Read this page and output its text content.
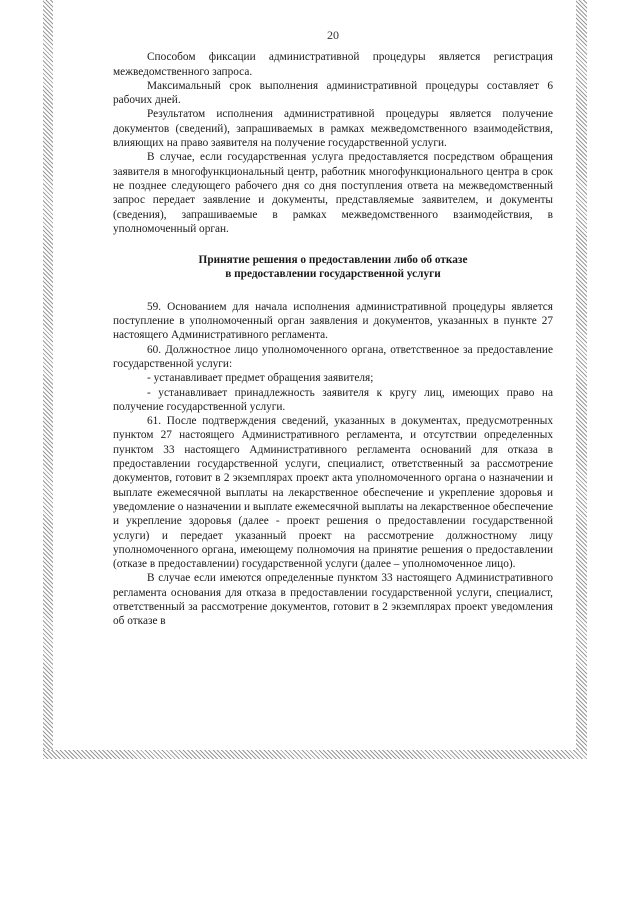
20

Способом фиксации административной процедуры является регистрация межведомственного запроса.

Максимальный срок выполнения административной процедуры составляет 6 рабочих дней.

Результатом исполнения административной процедуры является получение документов (сведений), запрашиваемых в рамках межведомственного взаимодействия, влияющих на право заявителя на получение государственной услуги.

В случае, если государственная услуга предоставляется посредством обращения заявителя в многофункциональный центр, работник многофункционального центра в срок не позднее следующего рабочего дня со дня поступления ответа на межведомственный запрос передает заявление и документы, представляемые заявителем, и документы (сведения), запрашиваемые в рамках межведомственного взаимодействия, в уполномоченный орган.

Принятие решения о предоставлении либо об отказе
в предоставлении государственной услуги

59. Основанием для начала исполнения административной процедуры является поступление в уполномоченный орган заявления и документов, указанных в пункте 27 настоящего Административного регламента.

60. Должностное лицо уполномоченного органа, ответственное за предоставление государственной услуги:

- устанавливает предмет обращения заявителя;

- устанавливает принадлежность заявителя к кругу лиц, имеющих право на получение государственной услуги.

61. После подтверждения сведений, указанных в документах, предусмотренных пунктом 27 настоящего Административного регламента, и отсутствии определенных пунктом 33 настоящего Административного регламента оснований для отказа в предоставлении государственной услуги, специалист, ответственный за рассмотрение документов, готовит в 2 экземплярах проект акта уполномоченного органа о назначении и выплате ежемесячной выплаты на лекарственное обеспечение и укрепление здоровья и уведомление о назначении и выплате ежемесячной выплаты на лекарственное обеспечение и укрепление здоровья (далее - проект решения о предоставлении государственной услуги) и передает указанный проект на рассмотрение должностному лицу уполномоченного органа, имеющему полномочия на принятие решения о предоставлении (отказе в предоставлении) государственной услуги (далее – уполномоченное лицо).

В случае если имеются определенные пунктом 33 настоящего Административного регламента основания для отказа в предоставлении государственной услуги, специалист, ответственный за рассмотрение документов, готовит в 2 экземплярах проект уведомления об отказе в
